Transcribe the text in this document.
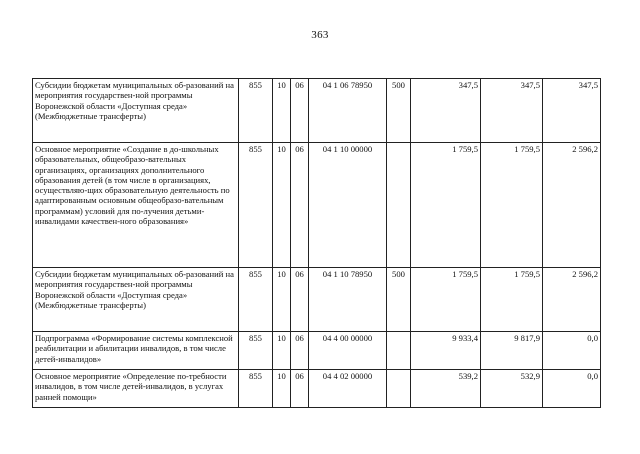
363
Субсидии бюджетам муниципальных об-разований на мероприятия государствен-ной программы Воронежской области «Доступная среда» (Межбюджетные трансферты)	855	10	06	04 1 06 78950	500	347,5	347,5	347,5
Основное мероприятие «Создание в до-школьных образовательных, общеобразо-вательных организациях, организациях дополнительного образования детей (в том числе в организациях, осуществляю-щих образовательную деятельность по адаптированным основным общеобразо-вательным программам) условий для по-лучения детьми-инвалидами качествен-ного образования»	855	10	06	04 1 10 00000		1 759,5	1 759,5	2 596,2
Субсидии бюджетам муниципальных об-разований на мероприятия государствен-ной программы Воронежской области «Доступная среда» (Межбюджетные трансферты)	855	10	06	04 1 10 78950	500	1 759,5	1 759,5	2 596,2
Подпрограмма «Формирование системы комплексной реабилитации и абилитации инвалидов, в том числе детей-инвалидов»	855	10	06	04 4 00 00000		9 933,4	9 817,9	0,0
Основное мероприятие «Определение по-требности инвалидов, в том числе детей-инвалидов, в услугах ранней помощи»	855	10	06	04 4 02 00000		539,2	532,9	0,0
